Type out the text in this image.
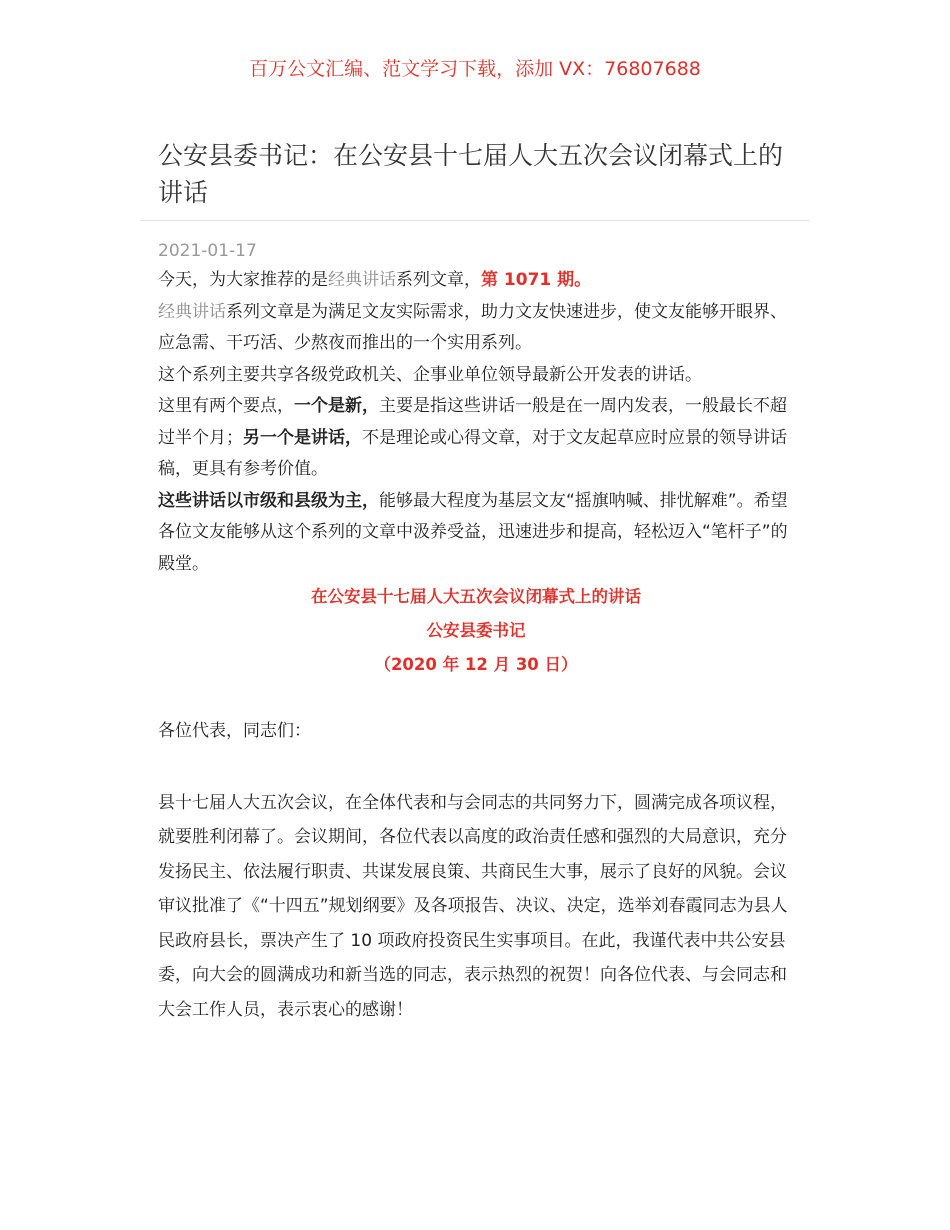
百万公文汇编、范文学习下载，添加 VX：76807688
公安县委书记：在公安县十七届人大五次会议闭幕式上的讲话
2021-01-17

今天，为大家推荐的是经典讲话系列文章，第 1071 期。

经典讲话系列文章是为满足文友实际需求，助力文友快速进步，使文友能够开眼界、应急需、干巧活、少熬夜而推出的一个实用系列。

这个系列主要共享各级党政机关、企事业单位领导最新公开发表的讲话。

这里有两个要点，一个是新，主要是指这些讲话一般是在一周内发表，一般最长不超过半个月；另一个是讲话，不是理论或心得文章，对于文友起草应时应景的领导讲话稿，更具有参考价值。

这些讲话以市级和县级为主，能够最大程度为基层文友“摇旗呐喊、排忧解难”。希望各位文友能够从这个系列的文章中汲养受益，迅速进步和提高，轻松迈入“笔杆子”的殿堂。

在公安县十七届人大五次会议闭幕式上的讲话

公安县委书记

（2020 年 12 月 30 日）

各位代表，同志们：

县十七届人大五次会议，在全体代表和与会同志的共同努力下，圆满完成各项议程，就要胜利闭幕了。会议期间，各位代表以高度的政治责任感和强烈的大局意识，充分发扬民主、依法履行职责、共谋发展良策、共商民生大事，展示了良好的风貌。会议审议批准了《“十四五”规划纲要》及各项报告、决议、决定，选举刘春霞同志为县人民政府县长，票决产生了 10 项政府投资民生实事项目。在此，我谨代表中共公安县委，向大会的圆满成功和新当选的同志，表示热烈的祝贺！向各位代表、与会同志和大会工作人员，表示衷心的感谢！
